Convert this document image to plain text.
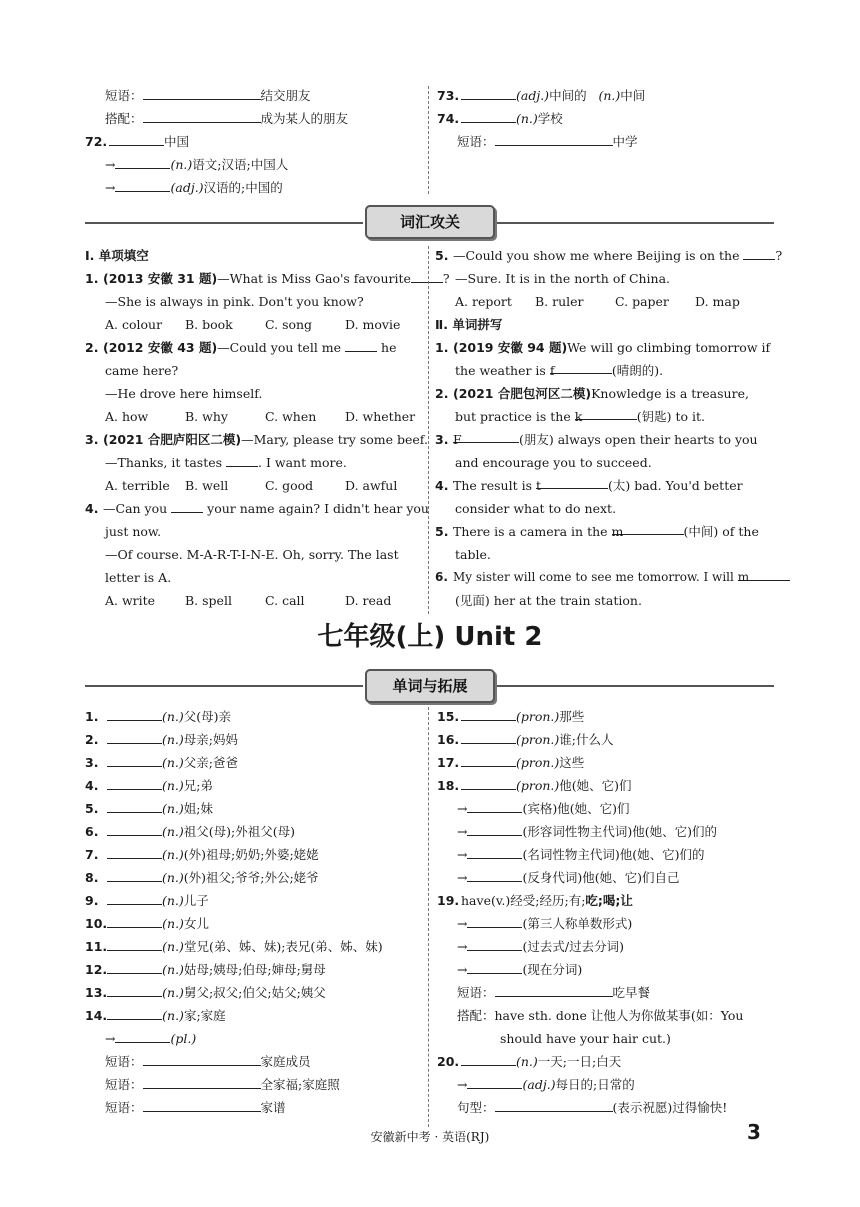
短语：	结交朋友
搭配：	成为某人的朋友
72.	中国
→	(n.)语文;汉语;中国人
→	(adj.)汉语的;中国的
73.	(adj.)中间的 (n.)中间
74.	(n.)学校
短语：	中学
词汇攻关
Ⅰ. 单项填空
1. (2013 安徽 31 题)—What is Miss Gao's favourite	?
—She is always in pink. Don't you know?
A. colour B. book	C. song	D. movie
2. (2012 安徽 43 题)—Could you tell me	he
came here?
—He drove here himself.
A. how	B. why	C. when D. whether
3. (2021 合肥庐阳区二模)—Mary, please try some beef.
—Thanks, it tastes	. I want more.
A. terrible B. well	C. good	D. awful
4. —Can you	your name again? I didn't hear you
just now.
—Of course. M-A-R-T-I-N-E. Oh, sorry. The last
letter is A.
A. write B. spell	C. call	D. read
5. —Could you show me where Beijing is on the	?
—Sure. It is in the north of China.
A. report B. ruler	C. paper D. map
Ⅱ. 单词拼写
1. (2019 安徽 94 题)We will go climbing tomorrow if
the weather is f	(晴朗的).
2. (2021 合肥包河区二模)Knowledge is a treasure,
but practice is the k	(钥匙) to it.
3. F	(朋友) always open their hearts to you
and encourage you to succeed.
4. The result is t	(太) bad. You'd better
consider what to do next.
5. There is a camera in the m	(中间) of the
table.
6. My sister will come to see me tomorrow. I will m
(见面) her at the train station.
七年级(上) Unit 2
单词与拓展
1.	(n.)父(母)亲
2.	(n.)母亲;妈妈
3.	(n.)父亲;爸爸
4.	(n.)兄;弟
5.	(n.)姐;妹
6.	(n.)祖父(母);外祖父(母)
7.	(n.)(外)祖母;奶奶;外婆;姥姥
8.	(n.)(外)祖父;爷爷;外公;姥爷
9.	(n.)儿子
10.	(n.)女儿
11.	(n.)堂兄(弟、姊、妹);表兄(弟、姊、妹)
12.	(n.)姑母;姨母;伯母;婶母;舅母
13.	(n.)舅父;叔父;伯父;姑父;姨父
14.	(n.)家;家庭
→	(pl.)
短语：	家庭成员
短语：	全家福;家庭照
短语：	家谱
15.	(pron.)那些
16.	(pron.)谁;什么人
17.	(pron.)这些
18.	(pron.)他(她、它)们
→	(宾格)他(她、它)们
→	(形容词性物主代词)他(她、它)们的
→	(名词性物主代词)他(她、它)们的
→	(反身代词)他(她、它)们自己
19. have(v.)经受;经历;有;吃;喝;让
→	(第三人称单数形式)
→	(过去式/过去分词)
→	(现在分词)
短语：	吃早餐
搭配：have sth. done 让他人为你做某事(如：You
should have your hair cut.)
20.	(n.)一天;一日;白天
→	(adj.)每日的;日常的
句型：	(表示祝愿)过得愉快!
安徽新中考 · 英语(RJ)	3
